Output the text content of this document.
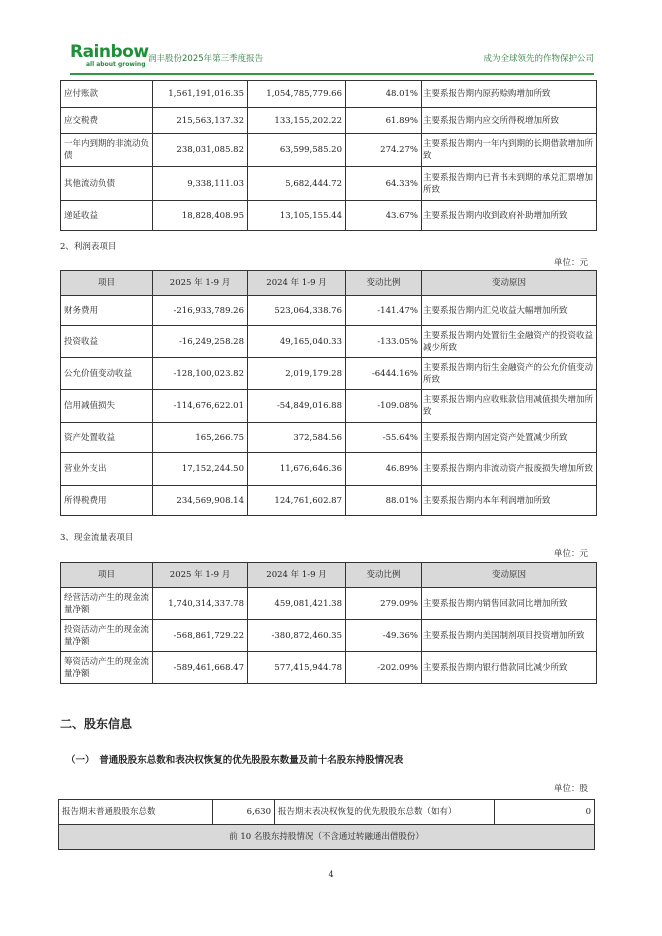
Rainbow
all about growing
润丰股份2025年第三季度报告	成为全球领先的作物保护公司
应付账款	1,561,191,016.35	1,054,785,779.66	48.01%	主要系报告期内原药赊购增加所致
应交税费	215,563,137.32	133,155,202.22	61.89%	主要系报告期内应交所得税增加所致
一年内到期的非流动负债	238,031,085.82	63,599,585.20	274.27%	主要系报告期内一年内到期的长期借款增加所致
其他流动负债	9,338,111.03	5,682,444.72	64.33%	主要系报告期内已背书未到期的承兑汇票增加所致
递延收益	18,828,408.95	13,105,155.44	43.67%	主要系报告期内收到政府补助增加所致
2、利润表项目
单位：元
项目	2025 年 1-9 月	2024 年 1-9 月	变动比例	变动原因
财务费用	-216,933,789.26	523,064,338.76	-141.47%	主要系报告期内汇兑收益大幅增加所致
投资收益	-16,249,258.28	49,165,040.33	-133.05%	主要系报告期内处置衍生金融资产的投资收益减少所致
公允价值变动收益	-128,100,023.82	2,019,179.28	-6444.16%	主要系报告期内衍生金融资产的公允价值变动所致
信用减值损失	-114,676,622.01	-54,849,016.88	-109.08%	主要系报告期内应收账款信用减值损失增加所致
资产处置收益	165,266.75	372,584.56	-55.64%	主要系报告期内固定资产处置减少所致
营业外支出	17,152,244.50	11,676,646.36	46.89%	主要系报告期内非流动资产报废损失增加所致
所得税费用	234,569,908.14	124,761,602.87	88.01%	主要系报告期内本年利润增加所致
3、现金流量表项目
单位：元
项目	2025 年 1-9 月	2024 年 1-9 月	变动比例	变动原因
经营活动产生的现金流量净额	1,740,314,337.78	459,081,421.38	279.09%	主要系报告期内销售回款同比增加所致
投资活动产生的现金流量净额	-568,861,729.22	-380,872,460.35	-49.36%	主要系报告期内美国制剂项目投资增加所致
筹资活动产生的现金流量净额	-589,461,668.47	577,415,944.78	-202.09%	主要系报告期内银行借款同比减少所致
二、股东信息
（一）　普通股股东总数和表决权恢复的优先股股东数量及前十名股东持股情况表
单位：股
报告期末普通股股东总数	6,630	报告期末表决权恢复的优先股股东总数（如有）	0
前 10 名股东持股情况（不含通过转融通出借股份）
4
